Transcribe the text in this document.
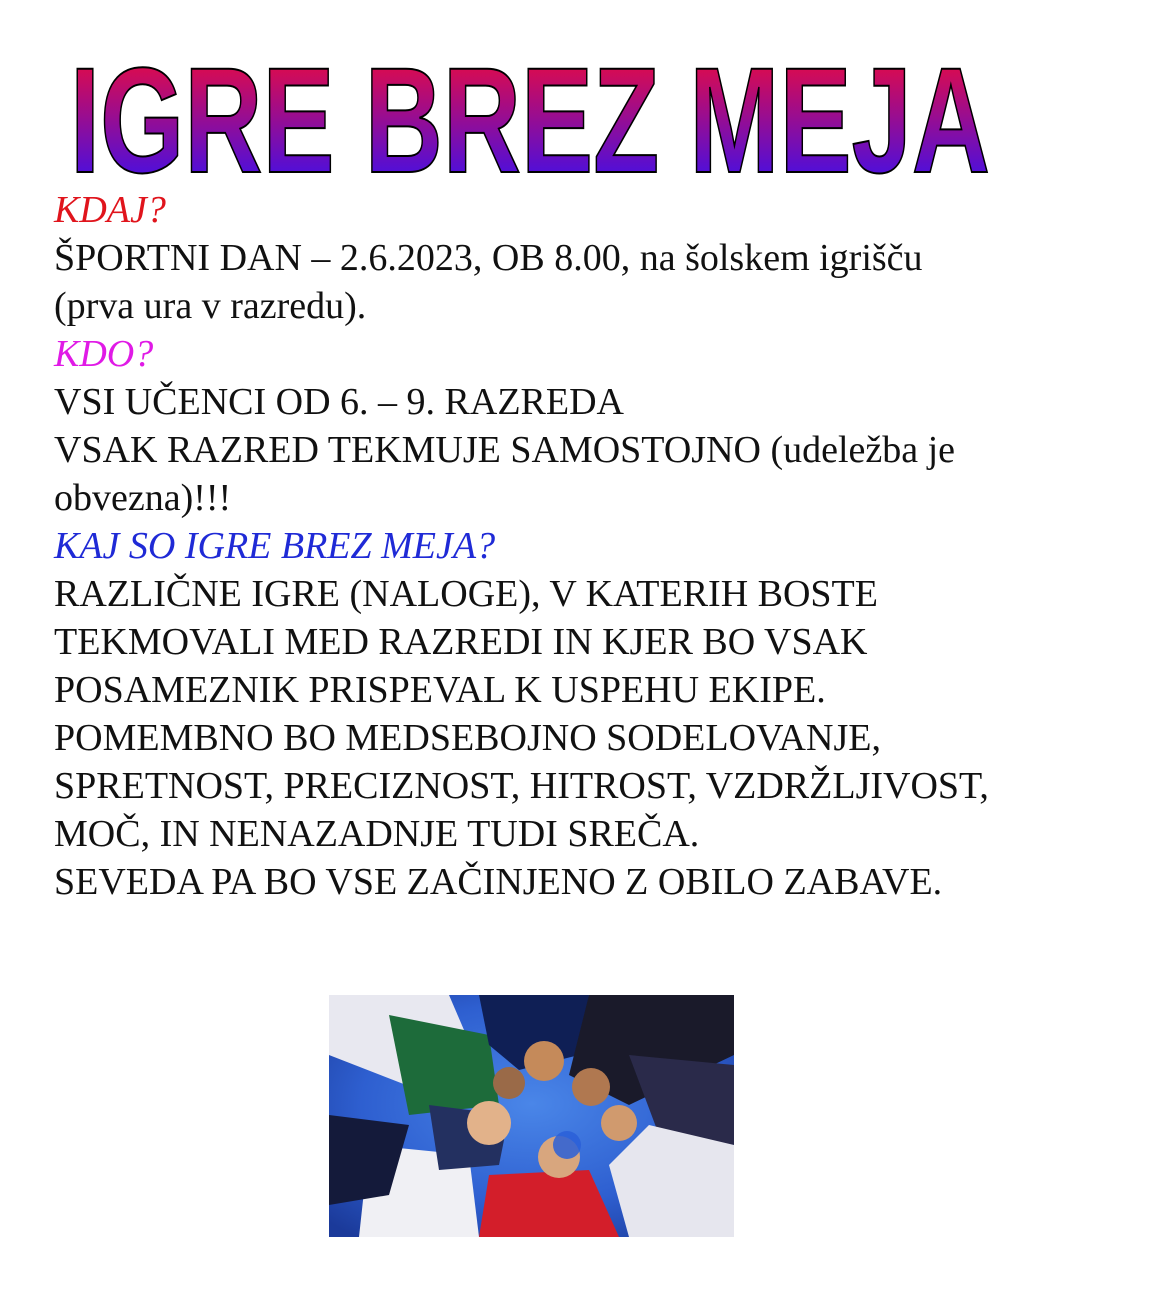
IGRE BREZ MEJA
KDAJ?
ŠPORTNI DAN – 2.6.2023, OB 8.00, na šolskem igrišču
(prva ura v razredu).
KDO?
VSI UČENCI OD 6. – 9. RAZREDA
VSAK RAZRED TEKMUJE SAMOSTOJNO (udeležba je
obvezna)!!!
KAJ SO IGRE BREZ MEJA?
RAZLIČNE IGRE (NALOGE), V KATERIH BOSTE
TEKMOVALI MED RAZREDI IN KJER BO VSAK
POSAMEZNIK PRISPEVAL K USPEHU EKIPE.
POMEMBNO BO MEDSEBOJNO SODELOVANJE,
SPRETNOST, PRECIZNOST, HITROST, VZDRŽLJIVOST,
MOČ, IN NENAZADNJE TUDI SREČA.
SEVEDA PA BO VSE ZAČINJENO Z OBILO ZABAVE.
